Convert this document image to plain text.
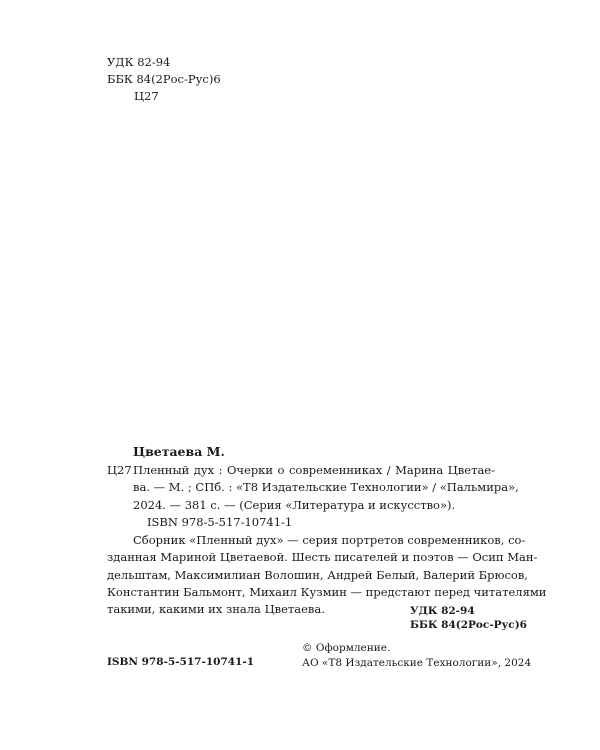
УДК 82-94
ББК 84(2Рос-Рус)6
Ц27
Цветаева М.
Ц27 Пленный дух : Очерки о современниках / Марина Цветае-
ва. — М. ; СПб. : «Т8 Издательские Технологии» / «Пальмира»,
2024. — 381 с. — (Серия «Литература и искусство»).
ISBN 978-5-517-10741-1
Сборник «Пленный дух» — серия портретов современников, со-
зданная Мариной Цветаевой. Шесть писателей и поэтов — Осип Ман-
дельштам, Максимилиан Волошин, Андрей Белый, Валерий Брюсов,
Константин Бальмонт, Михаил Кузмин — предстают перед читателями
такими, какими их знала Цветаева.	УДК 82-94
ББК 84(2Рос-Рус)6
ISBN 978-5-517-10741-1
© Оформление.
АО «Т8 Издательские Технологии», 2024
